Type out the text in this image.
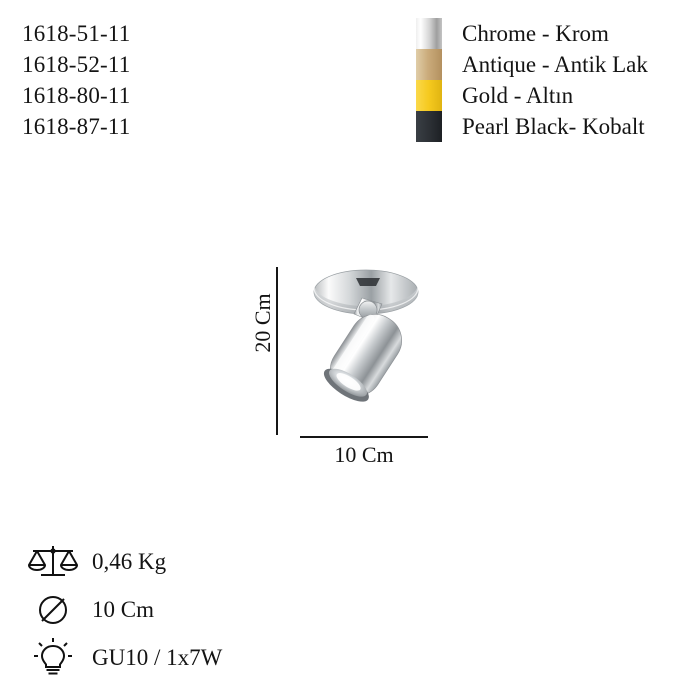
1618-51-11
1618-52-11
1618-80-11
1618-87-11
Chrome - Krom
Antique - Antik Lak
Gold - Altın
Pearl Black- Kobalt
20 Cm
10 Cm
0,46 Kg
10 Cm
GU10 / 1x7W
